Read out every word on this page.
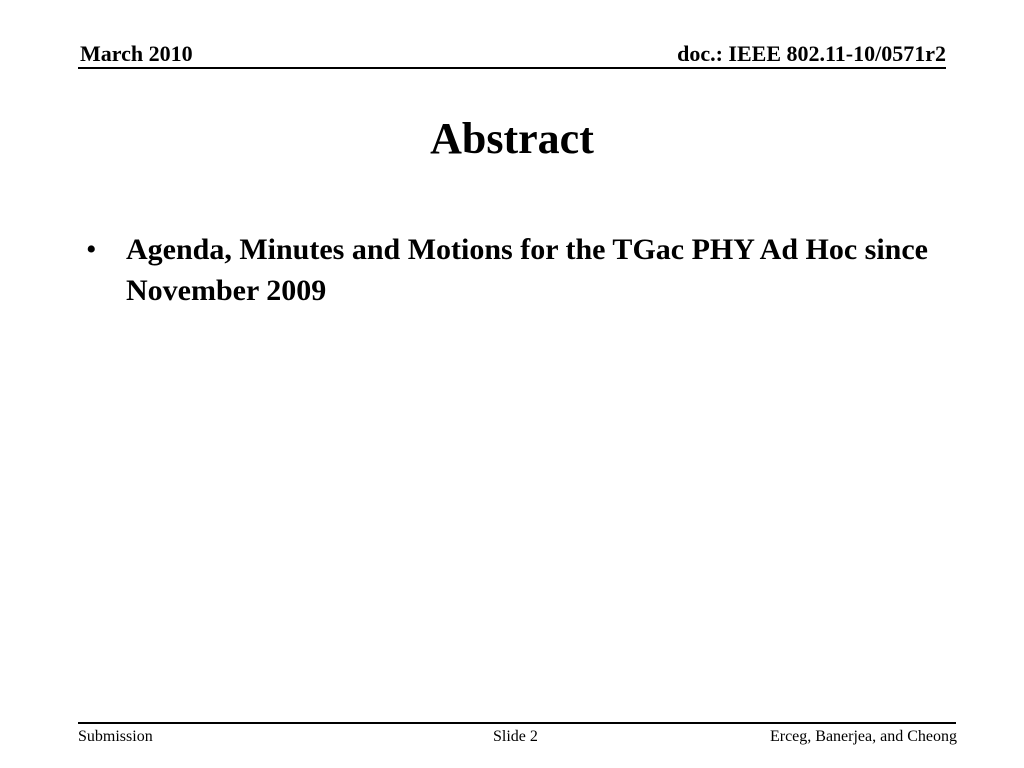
March 2010	doc.: IEEE 802.11-10/0571r2
Abstract
• Agenda, Minutes and Motions for the TGac PHY Ad Hoc since November 2009
Submission	Slide 2	Erceg, Banerjea, and Cheong
